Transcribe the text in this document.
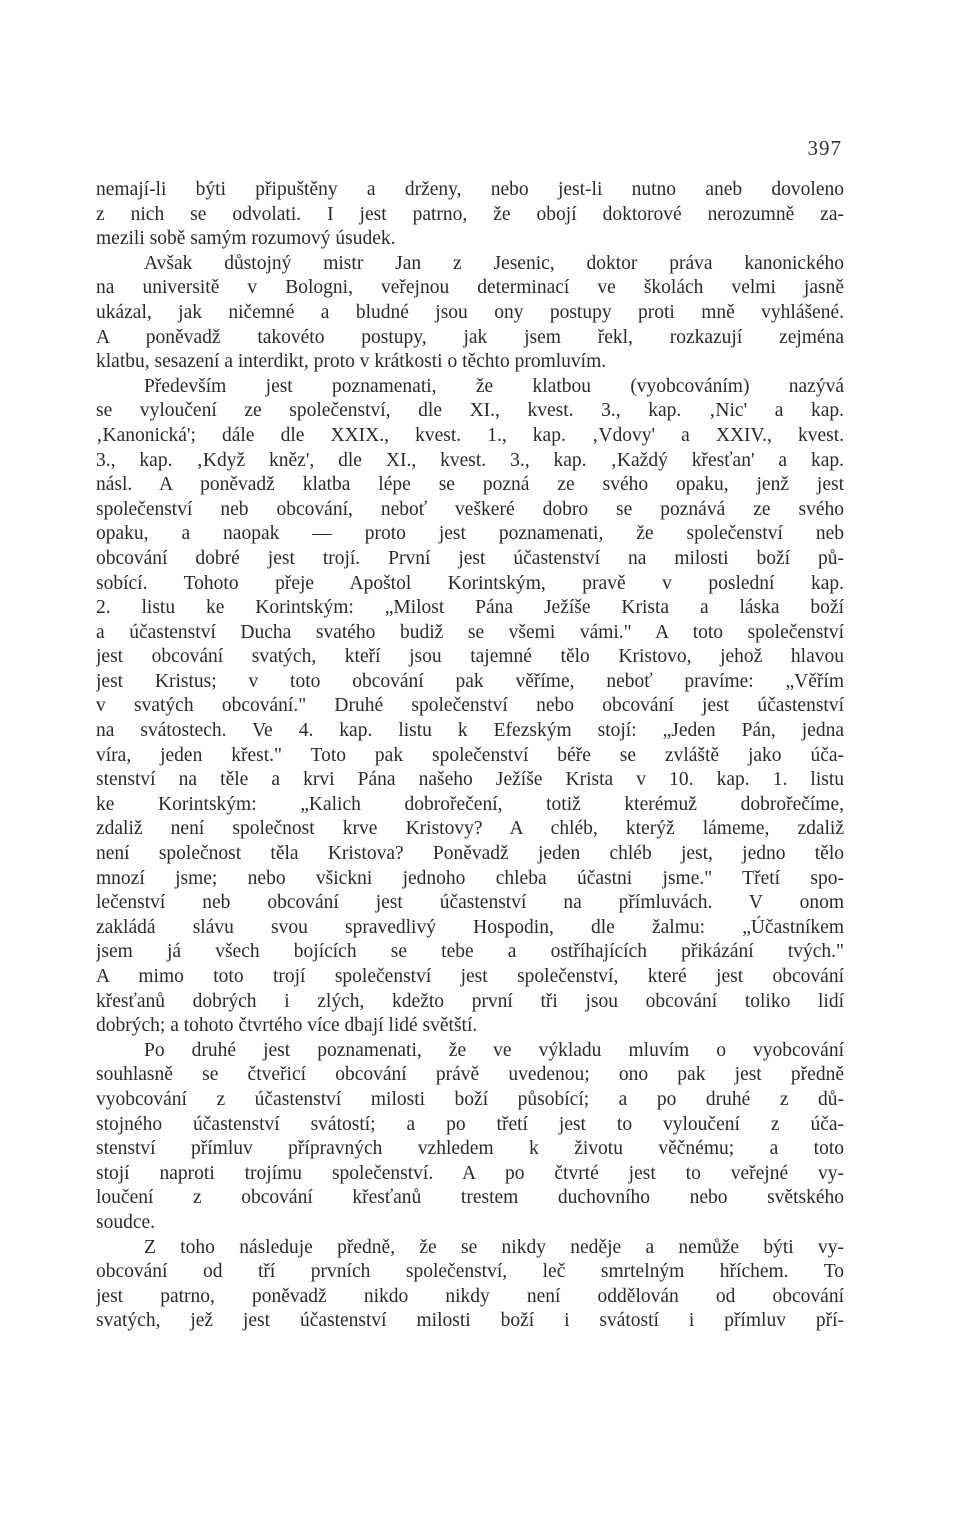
397
nemají-li býti připuštěny a drženy, nebo jest-li nutno aneb dovoleno
z nich se odvolati. I jest patrno, že obojí doktorové nerozumně za-
mezili sobě samým rozumový úsudek.
Avšak důstojný mistr Jan z Jesenic, doktor práva kanonického
na universitě v Bologni, veřejnou determinací ve školách velmi jasně
ukázal, jak ničemné a bludné jsou ony postupy proti mně vyhlášené.
A poněvadž takovéto postupy, jak jsem řekl, rozkazují zejména
klatbu, sesazení a interdikt, proto v krátkosti o těchto promluvím.
Především jest poznamenati, že klatbou (vyobcováním) nazývá
se vyloučení ze společenství, dle XI., kvest. 3., kap. ‚Nic' a kap.
‚Kanonická'; dále dle XXIX., kvest. 1., kap. ‚Vdovy' a XXIV., kvest.
3., kap. ‚Když kněz', dle XI., kvest. 3., kap. ‚Každý křesťan' a kap.
násl. A poněvadž klatba lépe se pozná ze svého opaku, jenž jest
společenství neb obcování, neboť veškeré dobro se poznává ze svého
opaku, a naopak — proto jest poznamenati, že společenství neb
obcování dobré jest trojí. První jest účastenství na milosti boží pů-
sobící. Tohoto přeje Apoštol Korintským, pravě v poslední kap.
2. listu ke Korintským: „Milost Pána Ježíše Krista a láska boží
a účastenství Ducha svatého budiž se všemi vámi." A toto společenství
jest obcování svatých, kteří jsou tajemné tělo Kristovo, jehož hlavou
jest Kristus; v toto obcování pak věříme, neboť pravíme: „Věřím
v svatých obcování." Druhé společenství nebo obcování jest účastenství
na svátostech. Ve 4. kap. listu k Efezským stojí: „Jeden Pán, jedna
víra, jeden křest." Toto pak společenství béře se zvláště jako úča-
stenství na těle a krvi Pána našeho Ježíše Krista v 10. kap. 1. listu
ke Korintským: „Kalich dobrořečení, totiž kterémuž dobrořečíme,
zdaliž není společnost krve Kristovy? A chléb, kterýž lámeme, zdaliž
není společnost těla Kristova? Poněvadž jeden chléb jest, jedno tělo
mnozí jsme; nebo všickni jednoho chleba účastni jsme." Třetí spo-
lečenství neb obcování jest účastenství na přímluvách. V onom
zakládá slávu svou spravedlivý Hospodin, dle žalmu: „Účastníkem
jsem já všech bojících se tebe a ostříhajících přikázání tvých."
A mimo toto trojí společenství jest společenství, které jest obcování
křesťanů dobrých i zlých, kdežto první tři jsou obcování toliko lidí
dobrých; a tohoto čtvrtého více dbají lidé světští.
Po druhé jest poznamenati, že ve výkladu mluvím o vyobcování
souhlasně se čtveřicí obcování právě uvedenou; ono pak jest předně
vyobcování z účastenství milosti boží působící; a po druhé z dů-
stojného účastenství svátostí; a po třetí jest to vyloučení z úča-
stenství přímluv přípravných vzhledem k životu věčnému; a toto
stojí naproti trojímu společenství. A po čtvrté jest to veřejné vy-
loučení z obcování křesťanů trestem duchovního nebo světského
soudce.
Z toho následuje předně, že se nikdy neděje a nemůže býti vy-
obcování od tří prvních společenství, leč smrtelným hříchem. To
jest patrno, poněvadž nikdo nikdy není oddělován od obcování
svatých, jež jest účastenství milosti boží i svátostí i přímluv pří-
